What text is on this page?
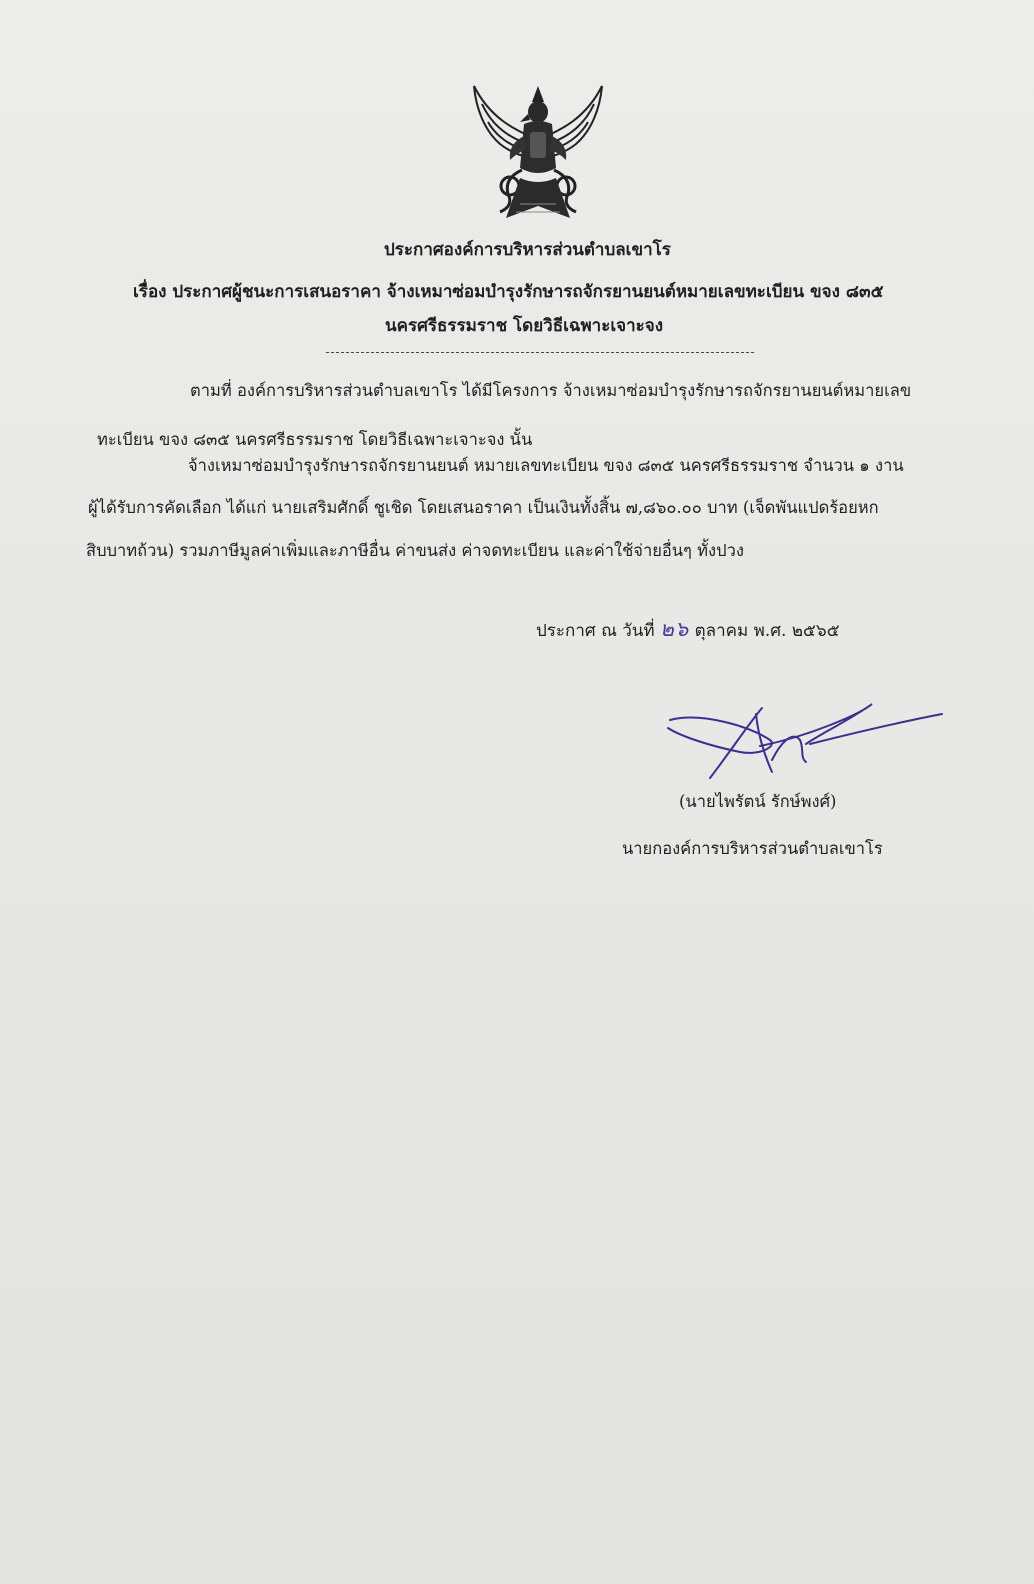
ประกาศองค์การบริหารส่วนตำบลเขาโร
เรื่อง ประกาศผู้ชนะการเสนอราคา จ้างเหมาซ่อมบำรุงรักษารถจักรยานยนต์หมายเลขทะเบียน ขจง ๘๓๕
นครศรีธรรมราช โดยวิธีเฉพาะเจาะจง
ตามที่ องค์การบริหารส่วนตำบลเขาโร ได้มีโครงการ จ้างเหมาซ่อมบำรุงรักษารถจักรยานยนต์หมายเลข
ทะเบียน ขจง ๘๓๕ นครศรีธรรมราช โดยวิธีเฉพาะเจาะจง นั้น
จ้างเหมาซ่อมบำรุงรักษารถจักรยานยนต์ หมายเลขทะเบียน ขจง ๘๓๕ นครศรีธรรมราช จำนวน ๑ งาน
ผู้ได้รับการคัดเลือก ได้แก่ นายเสริมศักดิ์ ชูเชิด โดยเสนอราคา เป็นเงินทั้งสิ้น ๗,๘๖๐.๐๐ บาท (เจ็ดพันแปดร้อยหก
สิบบาทถ้วน) รวมภาษีมูลค่าเพิ่มและภาษีอื่น ค่าขนส่ง ค่าจดทะเบียน และค่าใช้จ่ายอื่นๆ ทั้งปวง
ประกาศ ณ วันที่ ๒๖ ตุลาคม พ.ศ. ๒๕๖๕
(นายไพรัตน์ รักษ์พงศ์)
นายกองค์การบริหารส่วนตำบลเขาโร
